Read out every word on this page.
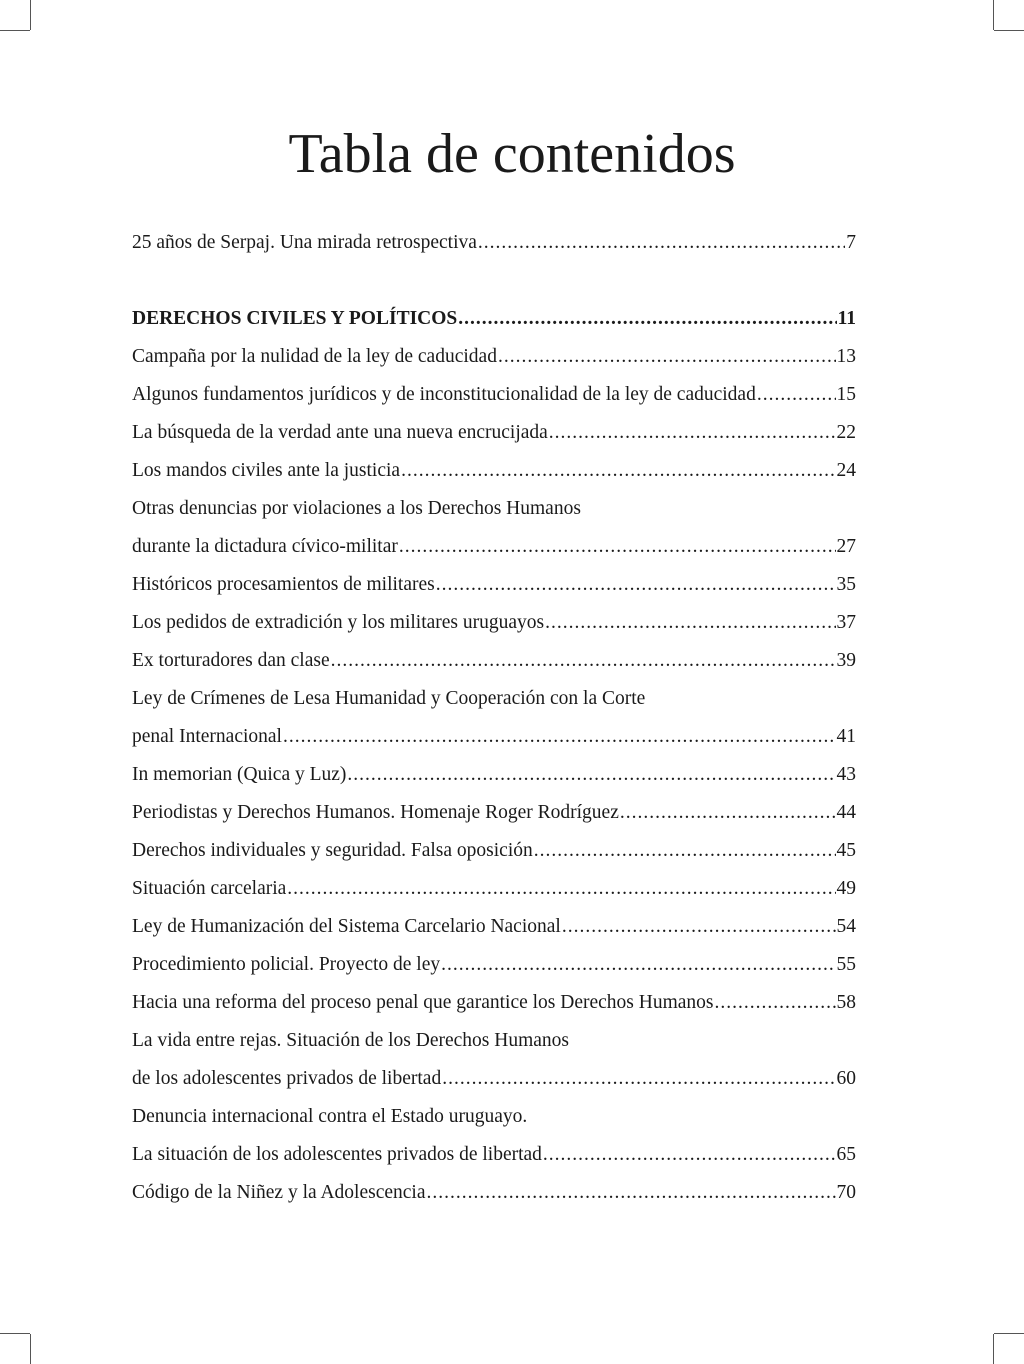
Tabla de contenidos
25 años de Serpaj. Una mirada retrospectiva .....	7
DERECHOS CIVILES Y POLÍTICOS .....	11
Campaña por la nulidad de la ley de caducidad .....	13
Algunos fundamentos jurídicos y de inconstitucionalidad de la ley de caducidad .....	15
La búsqueda de la verdad ante una nueva encrucijada .....	22
Los mandos civiles ante la justicia .....	24
Otras denuncias por violaciones a los Derechos Humanos
durante la dictadura cívico-militar .....	27
Históricos procesamientos de militares .....	35
Los pedidos de extradición y los militares uruguayos .....	37
Ex torturadores dan clase .....	39
Ley de Crímenes de Lesa Humanidad y Cooperación con la Corte
penal Internacional .....	41
In memorian (Quica y Luz) .....	43
Periodistas y Derechos Humanos. Homenaje Roger Rodríguez .....	44
Derechos individuales y seguridad. Falsa oposición .....	45
Situación carcelaria .....	49
Ley de Humanización del Sistema Carcelario Nacional .....	54
Procedimiento policial. Proyecto de ley .....	55
Hacia una reforma del proceso penal que garantice los Derechos Humanos .....	58
La vida entre rejas. Situación de los Derechos Humanos
de los adolescentes privados de libertad .....	60
Denuncia internacional contra el Estado uruguayo.
La situación de los adolescentes privados de libertad .....	65
Código de la Niñez y la Adolescencia .....	70
